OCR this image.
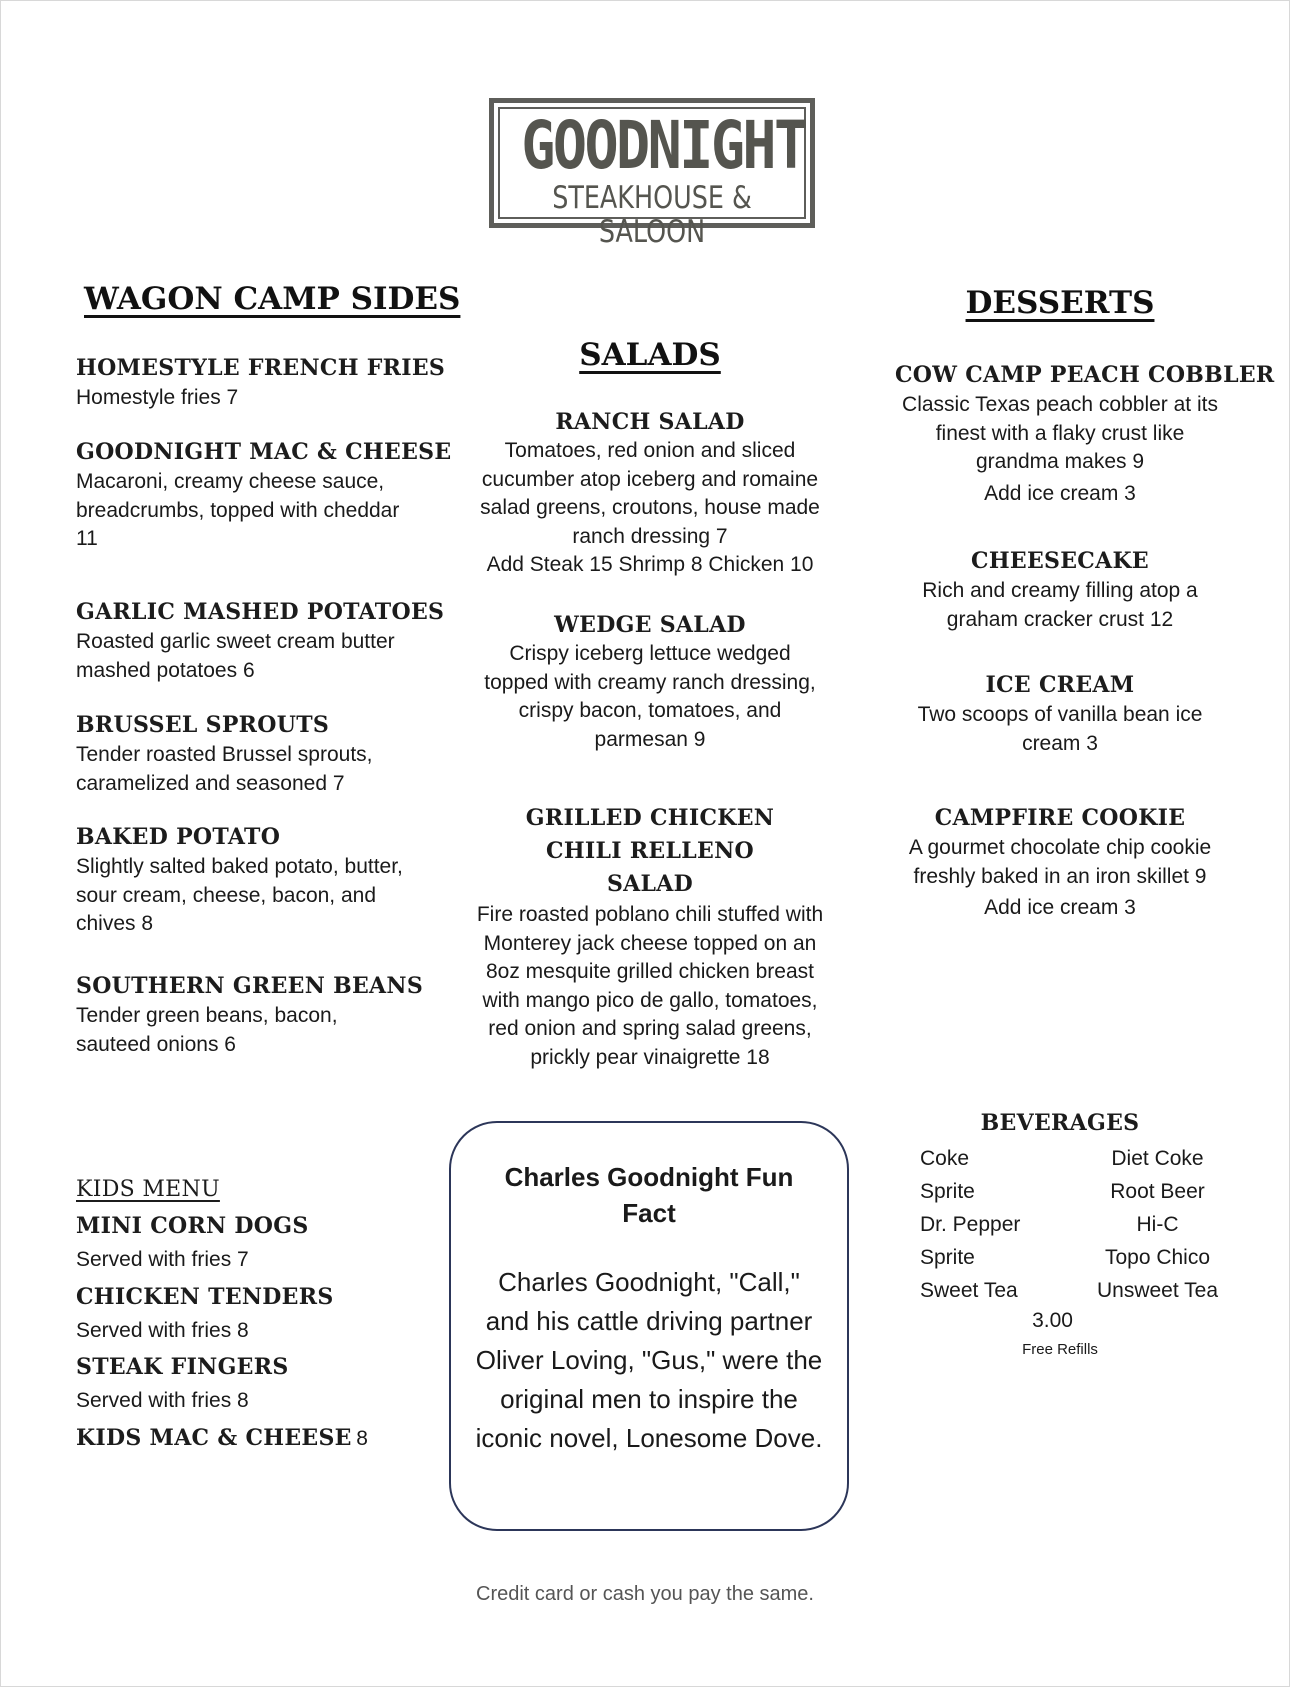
GOODNIGHT
STEAKHOUSE & SALOON
WAGON CAMP SIDES
HOMESTYLE FRENCH FRIES
Homestyle fries 7
GOODNIGHT MAC & CHEESE
Macaroni, creamy cheese sauce, breadcrumbs, topped with cheddar 11
GARLIC MASHED POTATOES
Roasted garlic sweet cream butter mashed potatoes 6
BRUSSEL SPROUTS
Tender roasted Brussel sprouts, caramelized and seasoned 7
BAKED POTATO
Slightly salted baked potato, butter, sour cream, cheese, bacon, and chives 8
SOUTHERN GREEN BEANS
Tender green beans, bacon, sauteed onions 6
SALADS
RANCH SALAD
Tomatoes, red onion and sliced cucumber atop iceberg and romaine salad greens, croutons, house made ranch dressing 7
Add Steak 15 Shrimp 8 Chicken 10
WEDGE SALAD
Crispy iceberg lettuce wedged topped with creamy ranch dressing, crispy bacon, tomatoes, and parmesan 9
GRILLED CHICKEN CHILI RELLENO SALAD
Fire roasted poblano chili stuffed with Monterey jack cheese topped on an 8oz mesquite grilled chicken breast with mango pico de gallo, tomatoes, red onion and spring salad greens, prickly pear vinaigrette 18
DESSERTS
COW CAMP PEACH COBBLER
Classic Texas peach cobbler at its finest with a flaky crust like grandma makes 9
Add ice cream 3
CHEESECAKE
Rich and creamy filling atop a graham cracker crust 12
ICE CREAM
Two scoops of vanilla bean ice cream 3
CAMPFIRE COOKIE
A gourmet chocolate chip cookie freshly baked in an iron skillet 9
Add ice cream 3
KIDS MENU
MINI CORN DOGS
Served with fries 7
CHICKEN TENDERS
Served with fries 8
STEAK FINGERS
Served with fries 8
KIDS MAC & CHEESE 8
Charles Goodnight Fun Fact
Charles Goodnight, "Call," and his cattle driving partner Oliver Loving, "Gus," were the original men to inspire the iconic novel, Lonesome Dove.
BEVERAGES
Coke
Sprite
Dr. Pepper
Sprite
Sweet Tea
Diet Coke
Root Beer
Hi-C
Topo Chico
Unsweet Tea
3.00
Free Refills
Credit card or cash you pay the same.
